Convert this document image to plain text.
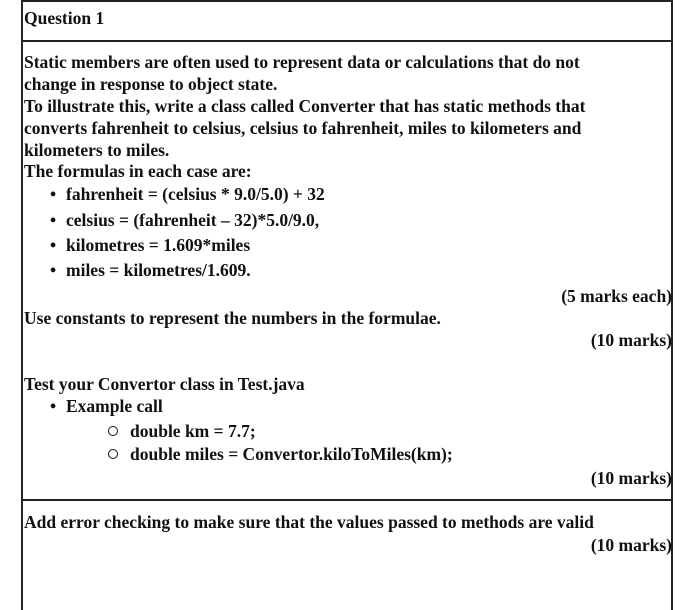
Question 1
Static members are often used to represent data or calculations that do not
change in response to object state.
To illustrate this, write a class called Converter that has static methods that
converts fahrenheit to celsius, celsius to fahrenheit, miles to kilometers and
kilometers to miles.
The formulas in each case are:
• fahrenheit = (celsius * 9.0/5.0) + 32
• celsius = (fahrenheit – 32)*5.0/9.0,
• kilometres = 1.609*miles
• miles = kilometres/1.609.
(5 marks each)
Use constants to represent the numbers in the formulae.
(10 marks)
Test your Convertor class in Test.java
• Example call
double km = 7.7;
double miles = Convertor.kiloToMiles(km);
(10 marks)
Add error checking to make sure that the values passed to methods are valid
(10 marks)
